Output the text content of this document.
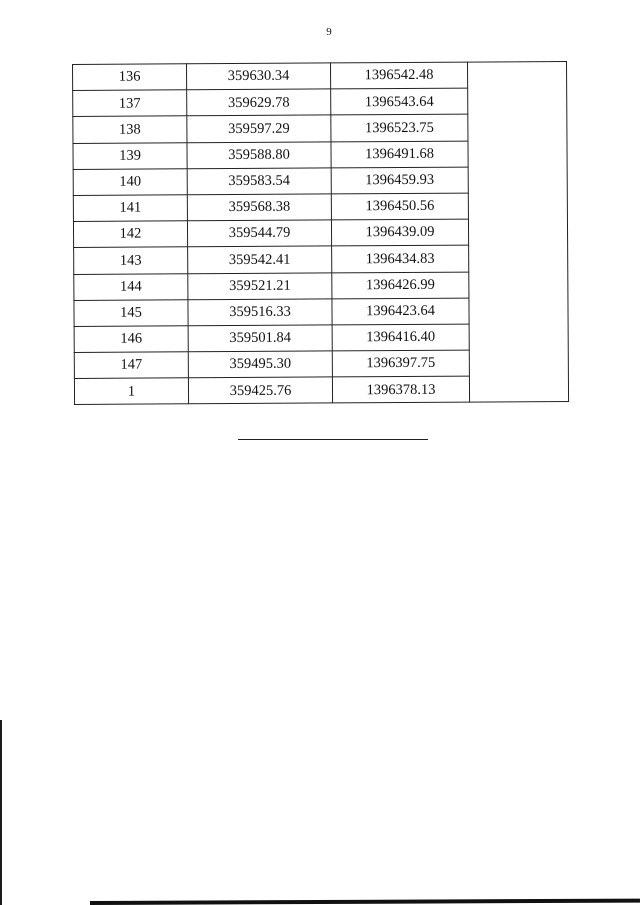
9
136	359630.34	1396542.48	
137	359629.78	1396543.64	
138	359597.29	1396523.75	
139	359588.80	1396491.68	
140	359583.54	1396459.93	
141	359568.38	1396450.56	
142	359544.79	1396439.09	
143	359542.41	1396434.83	
144	359521.21	1396426.99	
145	359516.33	1396423.64	
146	359501.84	1396416.40	
147	359495.30	1396397.75	
1	359425.76	1396378.13	
